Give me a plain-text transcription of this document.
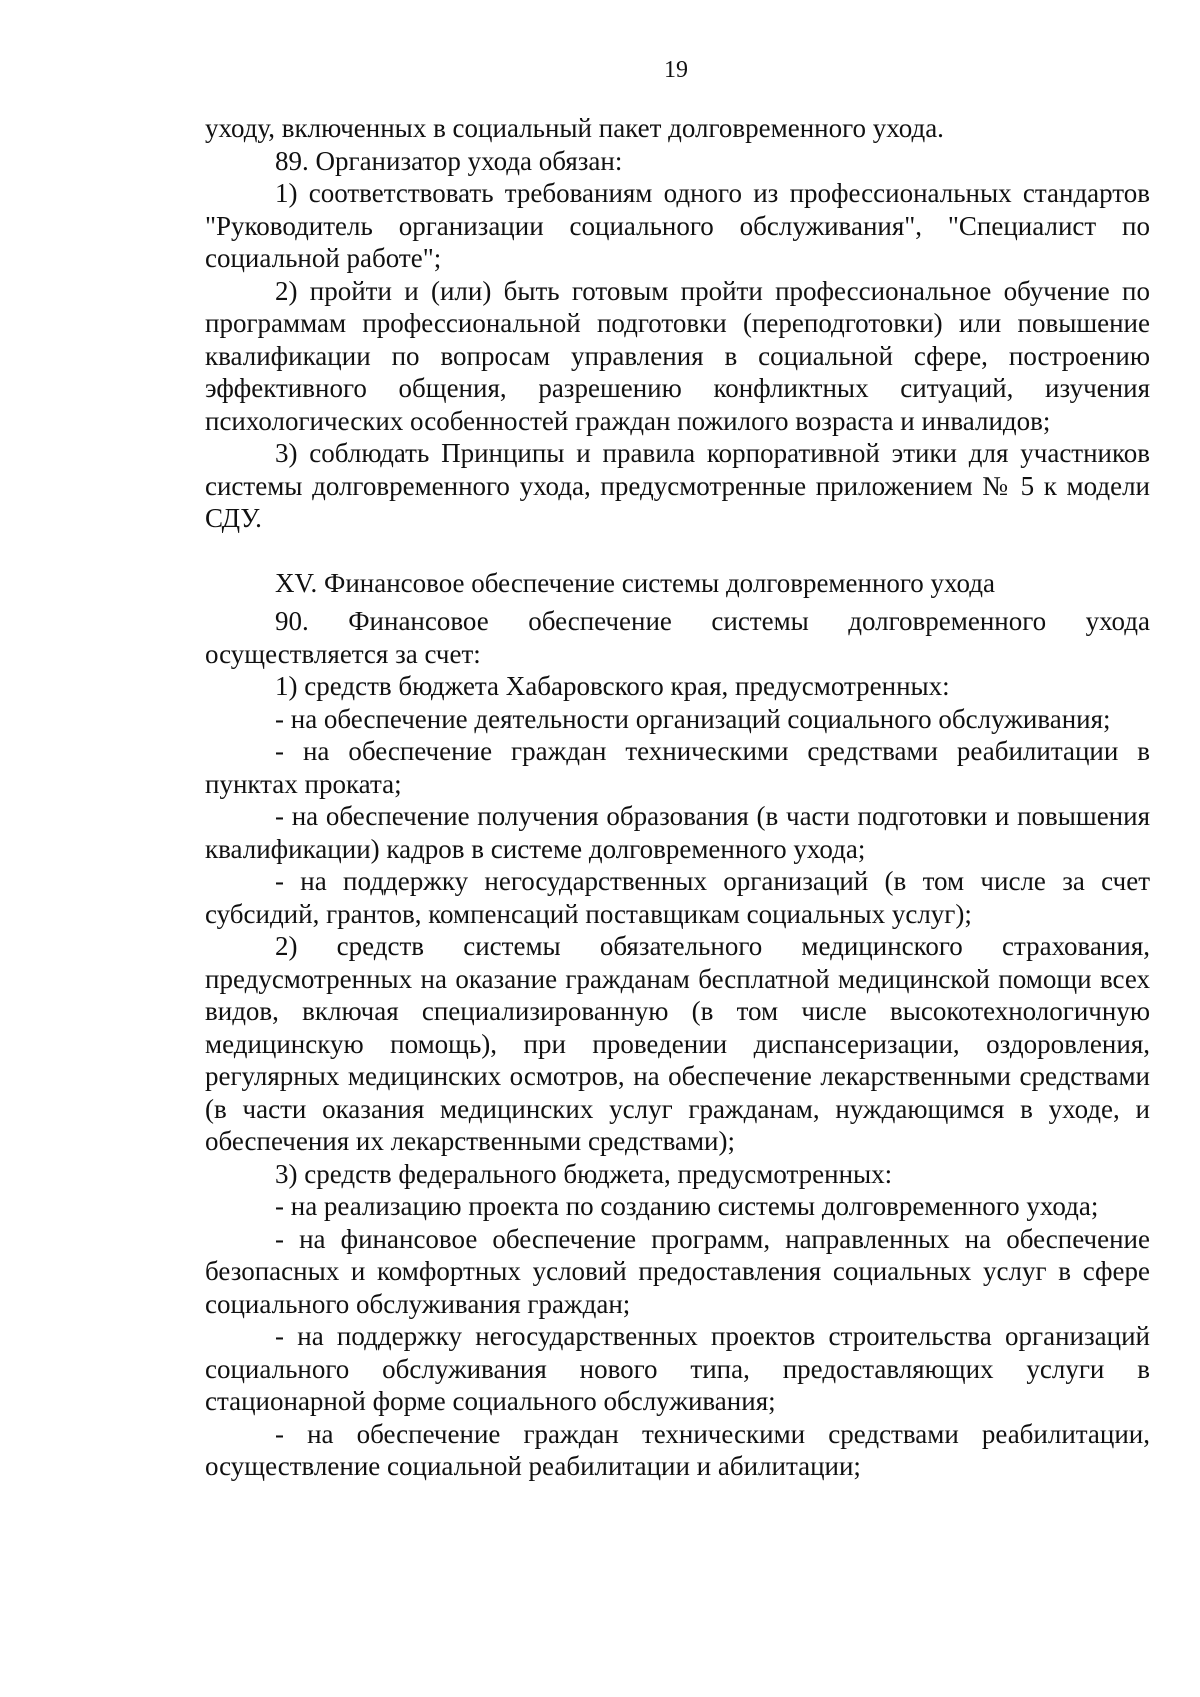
19

уходу, включенных в социальный пакет долговременного ухода.

89. Организатор ухода обязан:

1) соответствовать требованиям одного из профессиональных стандартов "Руководитель организации социального обслуживания", "Специалист по социальной работе";

2) пройти и (или) быть готовым пройти профессиональное обучение по программам профессиональной подготовки (переподготовки) или повышение квалификации по вопросам управления в социальной сфере, построению эффективного общения, разрешению конфликтных ситуаций, изучения психологических особенностей граждан пожилого возраста и инвалидов;

3) соблюдать Принципы и правила корпоративной этики для участников системы долговременного ухода, предусмотренные приложением № 5 к модели СДУ.

XV. Финансовое обеспечение системы долговременного ухода

90. Финансовое обеспечение системы долговременного ухода осуществляется за счет:

1) средств бюджета Хабаровского края, предусмотренных:

- на обеспечение деятельности организаций социального обслуживания;

- на обеспечение граждан техническими средствами реабилитации в пунктах проката;

- на обеспечение получения образования (в части подготовки и повышения квалификации) кадров в системе долговременного ухода;

- на поддержку негосударственных организаций (в том числе за счет субсидий, грантов, компенсаций поставщикам социальных услуг);

2) средств системы обязательного медицинского страхования, предусмотренных на оказание гражданам бесплатной медицинской помощи всех видов, включая специализированную (в том числе высокотехнологичную медицинскую помощь), при проведении диспансеризации, оздоровления, регулярных медицинских осмотров, на обеспечение лекарственными средствами (в части оказания медицинских услуг гражданам, нуждающимся в уходе, и обеспечения их лекарственными средствами);

3) средств федерального бюджета, предусмотренных:

- на реализацию проекта по созданию системы долговременного ухода;

- на финансовое обеспечение программ, направленных на обеспечение безопасных и комфортных условий предоставления социальных услуг в сфере социального обслуживания граждан;

- на поддержку негосударственных проектов строительства организаций социального обслуживания нового типа, предоставляющих услуги в стационарной форме социального обслуживания;

- на обеспечение граждан техническими средствами реабилитации, осуществление социальной реабилитации и абилитации;
